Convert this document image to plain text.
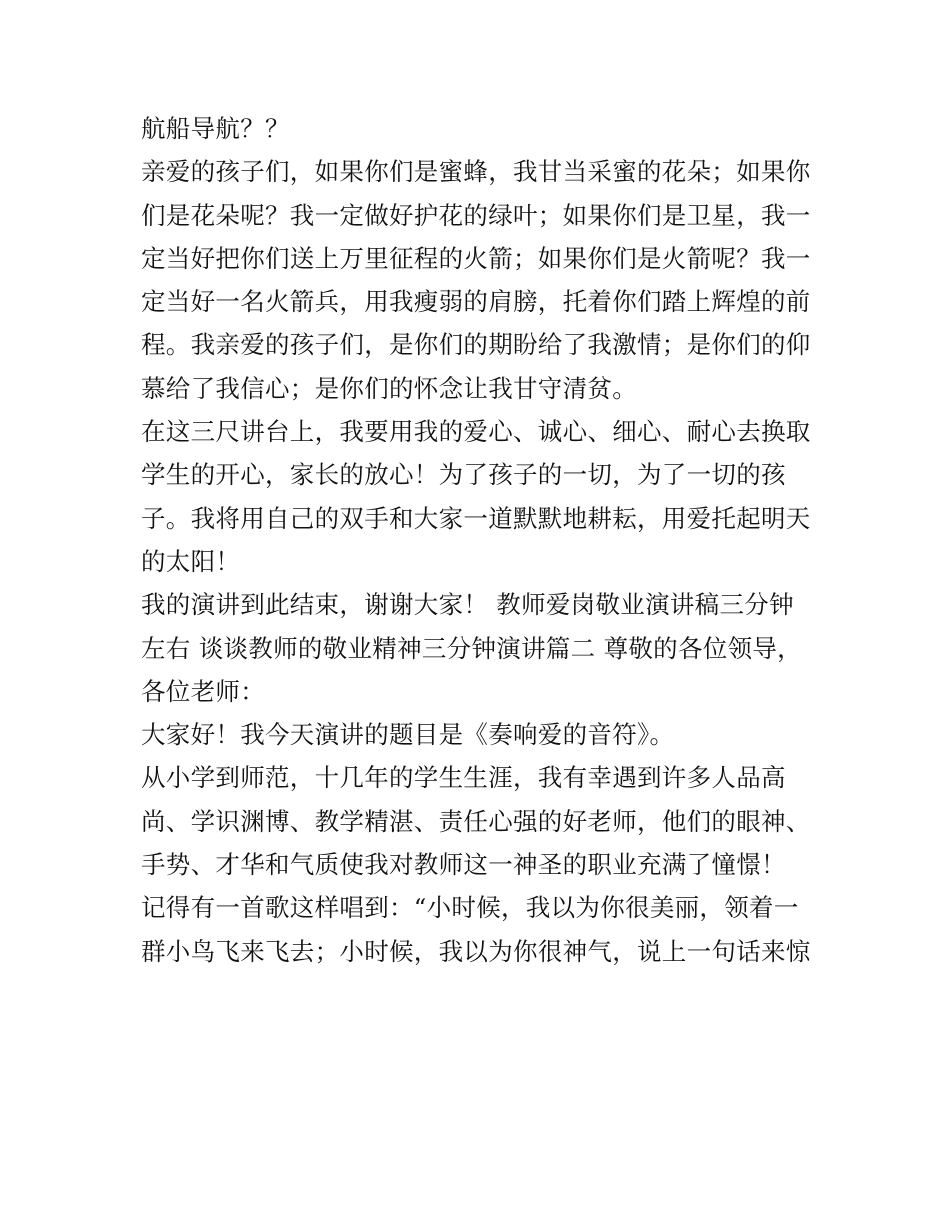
航船导航？？
亲爱的孩子们，如果你们是蜜蜂，我甘当采蜜的花朵；如果你
们是花朵呢？我一定做好护花的绿叶；如果你们是卫星，我一
定当好把你们送上万里征程的火箭；如果你们是火箭呢？我一
定当好一名火箭兵，用我瘦弱的肩膀，托着你们踏上辉煌的前
程。我亲爱的孩子们，是你们的期盼给了我激情；是你们的仰
慕给了我信心；是你们的怀念让我甘守清贫。
在这三尺讲台上，我要用我的爱心、诚心、细心、耐心去换取
学生的开心，家长的放心！为了孩子的一切，为了一切的孩
子。我将用自己的双手和大家一道默默地耕耘，用爱托起明天
的太阳！
我的演讲到此结束，谢谢大家！ 教师爱岗敬业演讲稿三分钟
左右 谈谈教师的敬业精神三分钟演讲篇二 尊敬的各位领导，
各位老师：
大家好！我今天演讲的题目是《奏响爱的音符》。
从小学到师范，十几年的学生生涯，我有幸遇到许多人品高
尚、学识渊博、教学精湛、责任心强的好老师，他们的眼神、
手势、才华和气质使我对教师这一神圣的职业充满了憧憬！
记得有一首歌这样唱到：“小时候，我以为你很美丽，领着一
群小鸟飞来飞去；小时候，我以为你很神气，说上一句话来惊
